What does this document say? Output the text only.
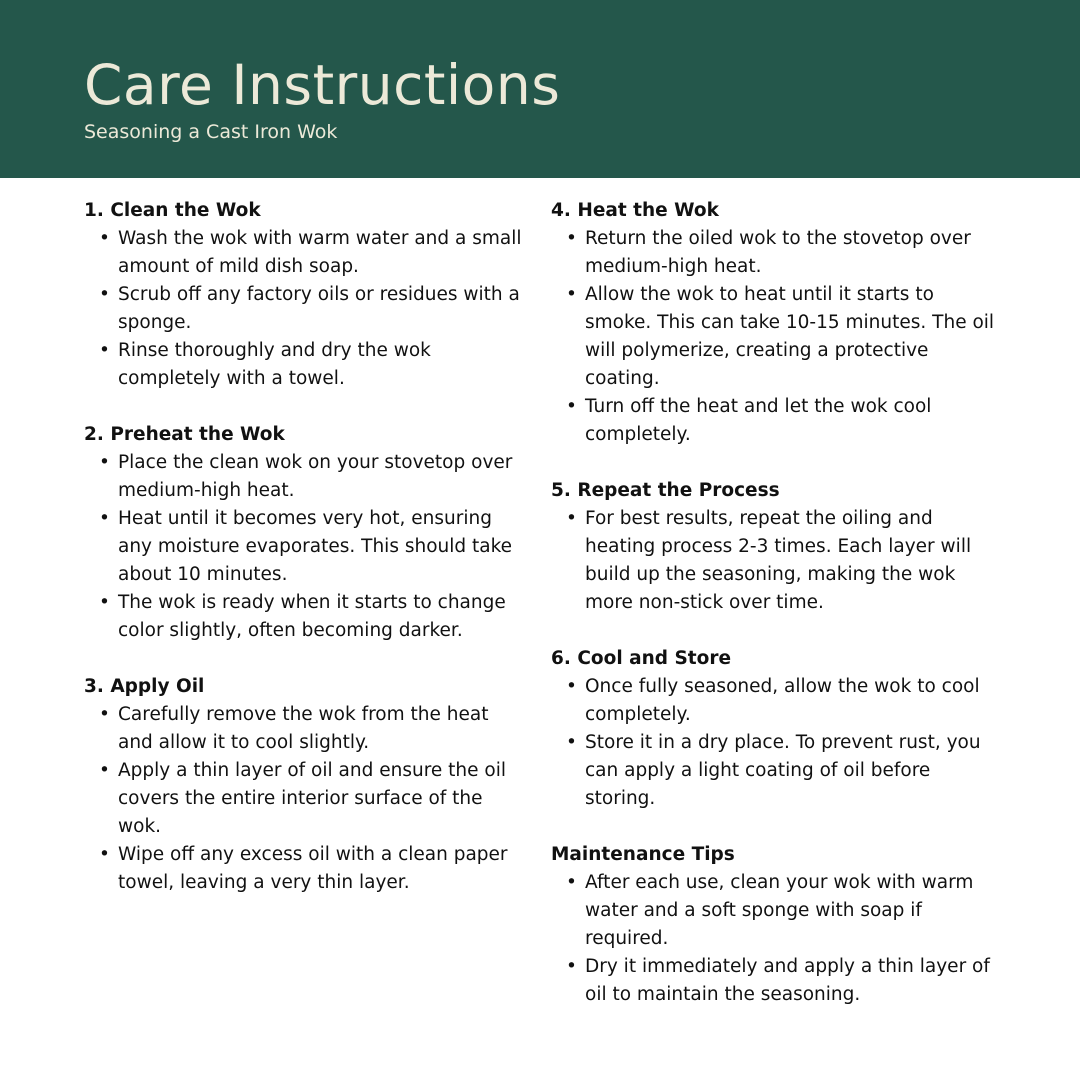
Care Instructions

Seasoning a Cast Iron Wok

1. Clean the Wok
• Wash the wok with warm water and a small amount of mild dish soap.
• Scrub off any factory oils or residues with a sponge.
• Rinse thoroughly and dry the wok completely with a towel.
2. Preheat the Wok
• Place the clean wok on your stovetop over medium-high heat.
• Heat until it becomes very hot, ensuring any moisture evaporates. This should take about 10 minutes.
• The wok is ready when it starts to change color slightly, often becoming darker.
3. Apply Oil
• Carefully remove the wok from the heat and allow it to cool slightly.
• Apply a thin layer of oil and ensure the oil covers the entire interior surface of the wok.
• Wipe off any excess oil with a clean paper towel, leaving a very thin layer.
4. Heat the Wok
• Return the oiled wok to the stovetop over medium-high heat.
• Allow the wok to heat until it starts to smoke. This can take 10-15 minutes. The oil will polymerize, creating a protective coating.
• Turn off the heat and let the wok cool completely.
5. Repeat the Process
• For best results, repeat the oiling and heating process 2-3 times. Each layer will build up the seasoning, making the wok more non-stick over time.
6. Cool and Store
• Once fully seasoned, allow the wok to cool completely.
• Store it in a dry place. To prevent rust, you can apply a light coating of oil before storing.
Maintenance Tips
• After each use, clean your wok with warm water and a soft sponge with soap if required.
• Dry it immediately and apply a thin layer of oil to maintain the seasoning.
